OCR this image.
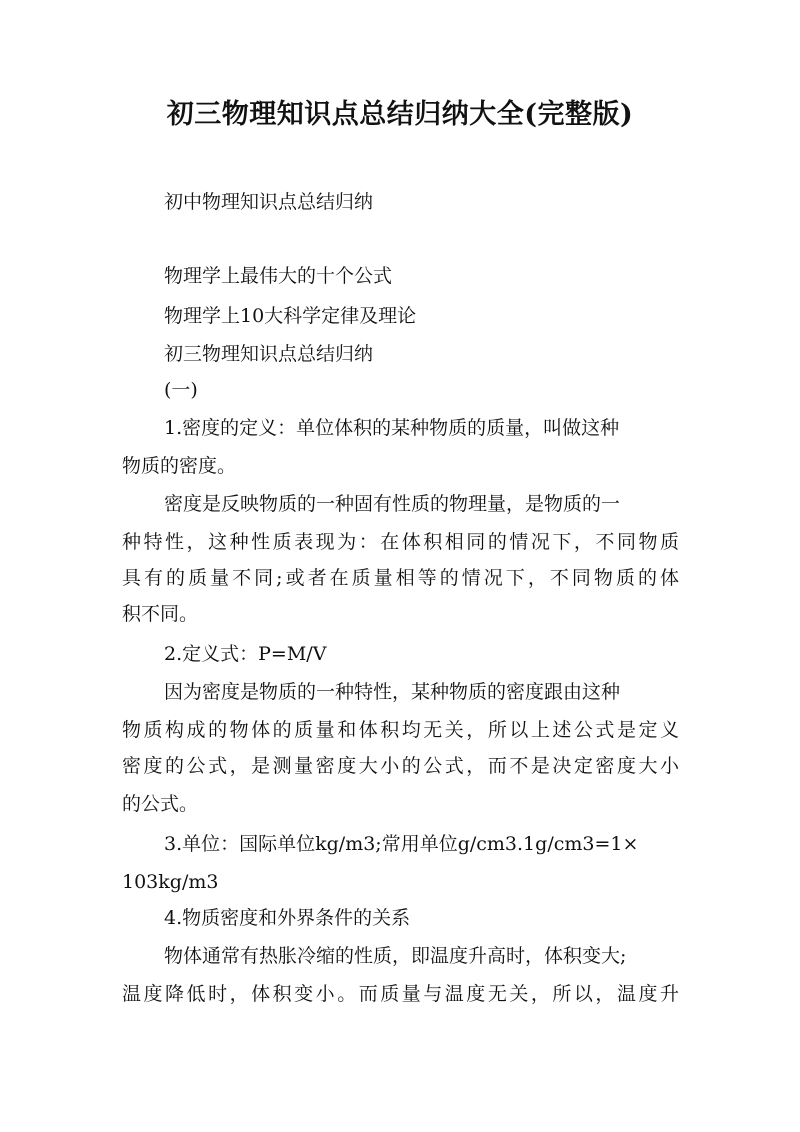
初三物理知识点总结归纳大全(完整版)
初中物理知识点总结归纳
物理学上最伟大的十个公式
物理学上10大科学定律及理论
初三物理知识点总结归纳
(一)
1.密度的定义：单位体积的某种物质的质量，叫做这种
物质的密度。
密度是反映物质的一种固有性质的物理量，是物质的一
种特性，这种性质表现为：在体积相同的情况下，不同物质
具有的质量不同;或者在质量相等的情况下，不同物质的体
积不同。
2.定义式：P=M/V
因为密度是物质的一种特性，某种物质的密度跟由这种
物质构成的物体的质量和体积均无关，所以上述公式是定义
密度的公式，是测量密度大小的公式，而不是决定密度大小
的公式。
3.单位：国际单位kg/m3;常用单位g/cm3.1g/cm3=1×
103kg/m3
4.物质密度和外界条件的关系
物体通常有热胀冷缩的性质，即温度升高时，体积变大;
温度降低时，体积变小。而质量与温度无关，所以，温度升
